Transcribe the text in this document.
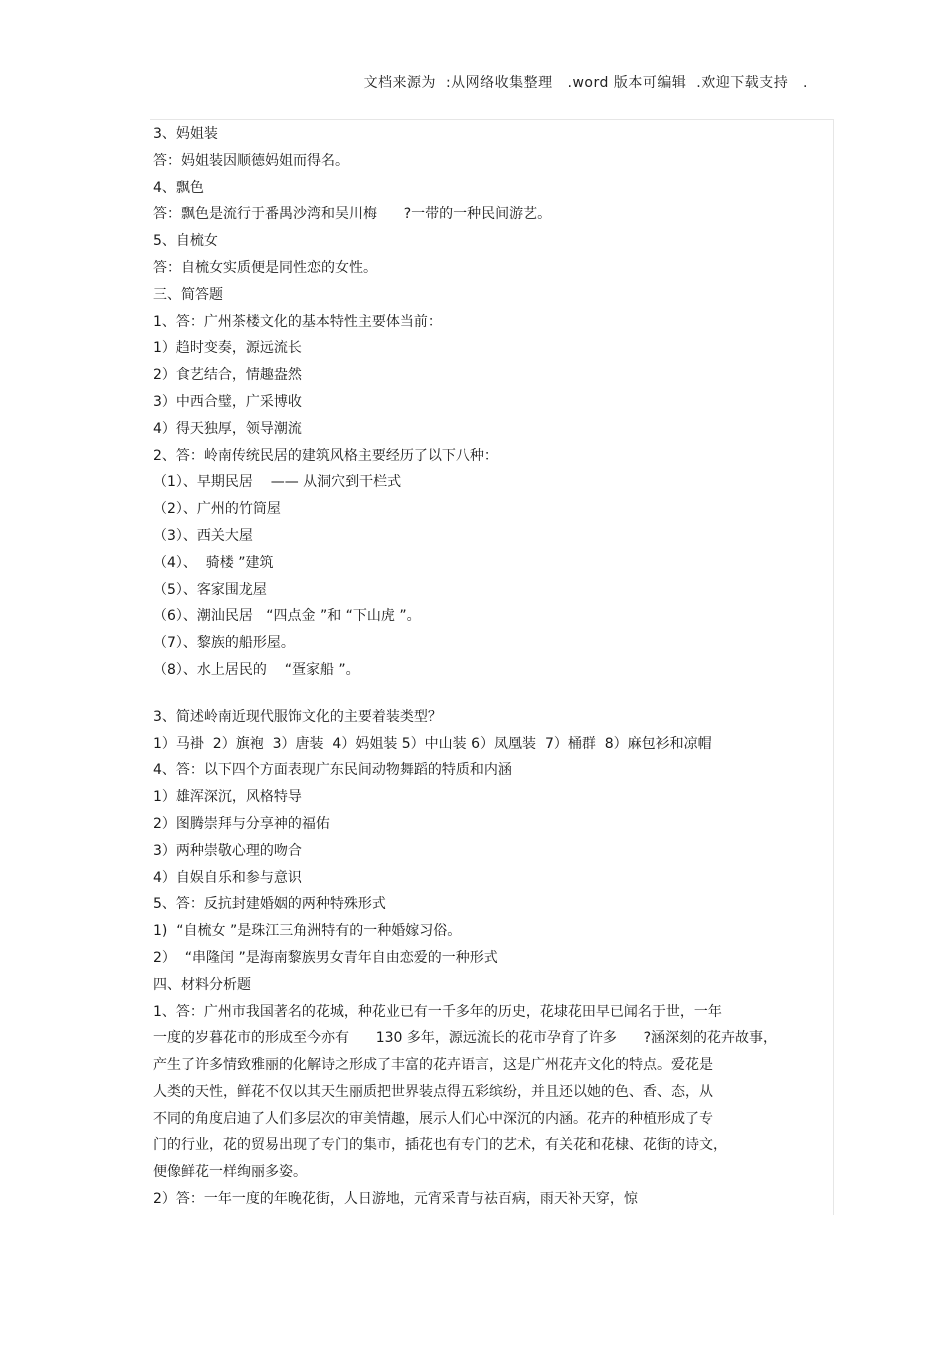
文档来源为  :从网络收集整理   .word 版本可编辑  .欢迎下载支持   .
3、妈姐装
答：妈姐装因顺德妈姐而得名。
4、飘色
答：飘色是流行于番禺沙湾和吴川梅      ?一带的一种民间游艺。
5、自梳女
答：自梳女实质便是同性恋的女性。
三、简答题
1、答：广州茶楼文化的基本特性主要体当前：
1）趋时变奏，源远流长
2）食艺结合，情趣盎然
3）中西合璧，广采博收
4）得天独厚，领导潮流
2、答：岭南传统民居的建筑风格主要经历了以下八种：
（1）、早期民居    —— 从洞穴到干栏式
（2）、广州的竹筒屋
（3）、西关大屋
（4）、  骑楼 ”建筑
（5）、客家围龙屋
（6）、潮汕民居   “四点金 ”和 “下山虎 ”。
（7）、黎族的船形屋。
（8）、水上居民的    “疍家船 ”。
3、简述岭南近现代服饰文化的主要着装类型？
1）马褂  2）旗袍  3）唐装  4）妈姐装 5）中山装 6）凤凰装  7）桶群  8）麻包衫和凉帽
4、答：以下四个方面表现广东民间动物舞蹈的特质和内涵
1）雄浑深沉，风格特导
2）图腾崇拜与分享神的福佑
3）两种崇敬心理的吻合
4）自娱自乐和参与意识
5、答：反抗封建婚姻的两种特殊形式
1)  “自梳女 ”是珠江三角洲特有的一种婚嫁习俗。
2）  “串隆闰 ”是海南黎族男女青年自由恋爱的一种形式
四、材料分析题
1、答：广州市我国著名的花城，种花业已有一千多年的历史，花埭花田早已闻名于世，一年
一度的岁暮花市的形成至今亦有      130 多年，源远流长的花市孕育了许多      ?涵深刻的花卉故事，
产生了许多情致雅丽的化解诗之形成了丰富的花卉语言，这是广州花卉文化的特点。爱花是
人类的天性，鲜花不仅以其天生丽质把世界装点得五彩缤纷，并且还以她的色、香、态，从
不同的角度启迪了人们多层次的审美情趣，展示人们心中深沉的内涵。花卉的种植形成了专
门的行业，花的贸易出现了专门的集市，插花也有专门的艺术，有关花和花棣、花街的诗文，
便像鲜花一样绚丽多姿。
2）答：一年一度的年晚花街，人日游地，元宵采青与祛百病，雨天补天穿，惊
